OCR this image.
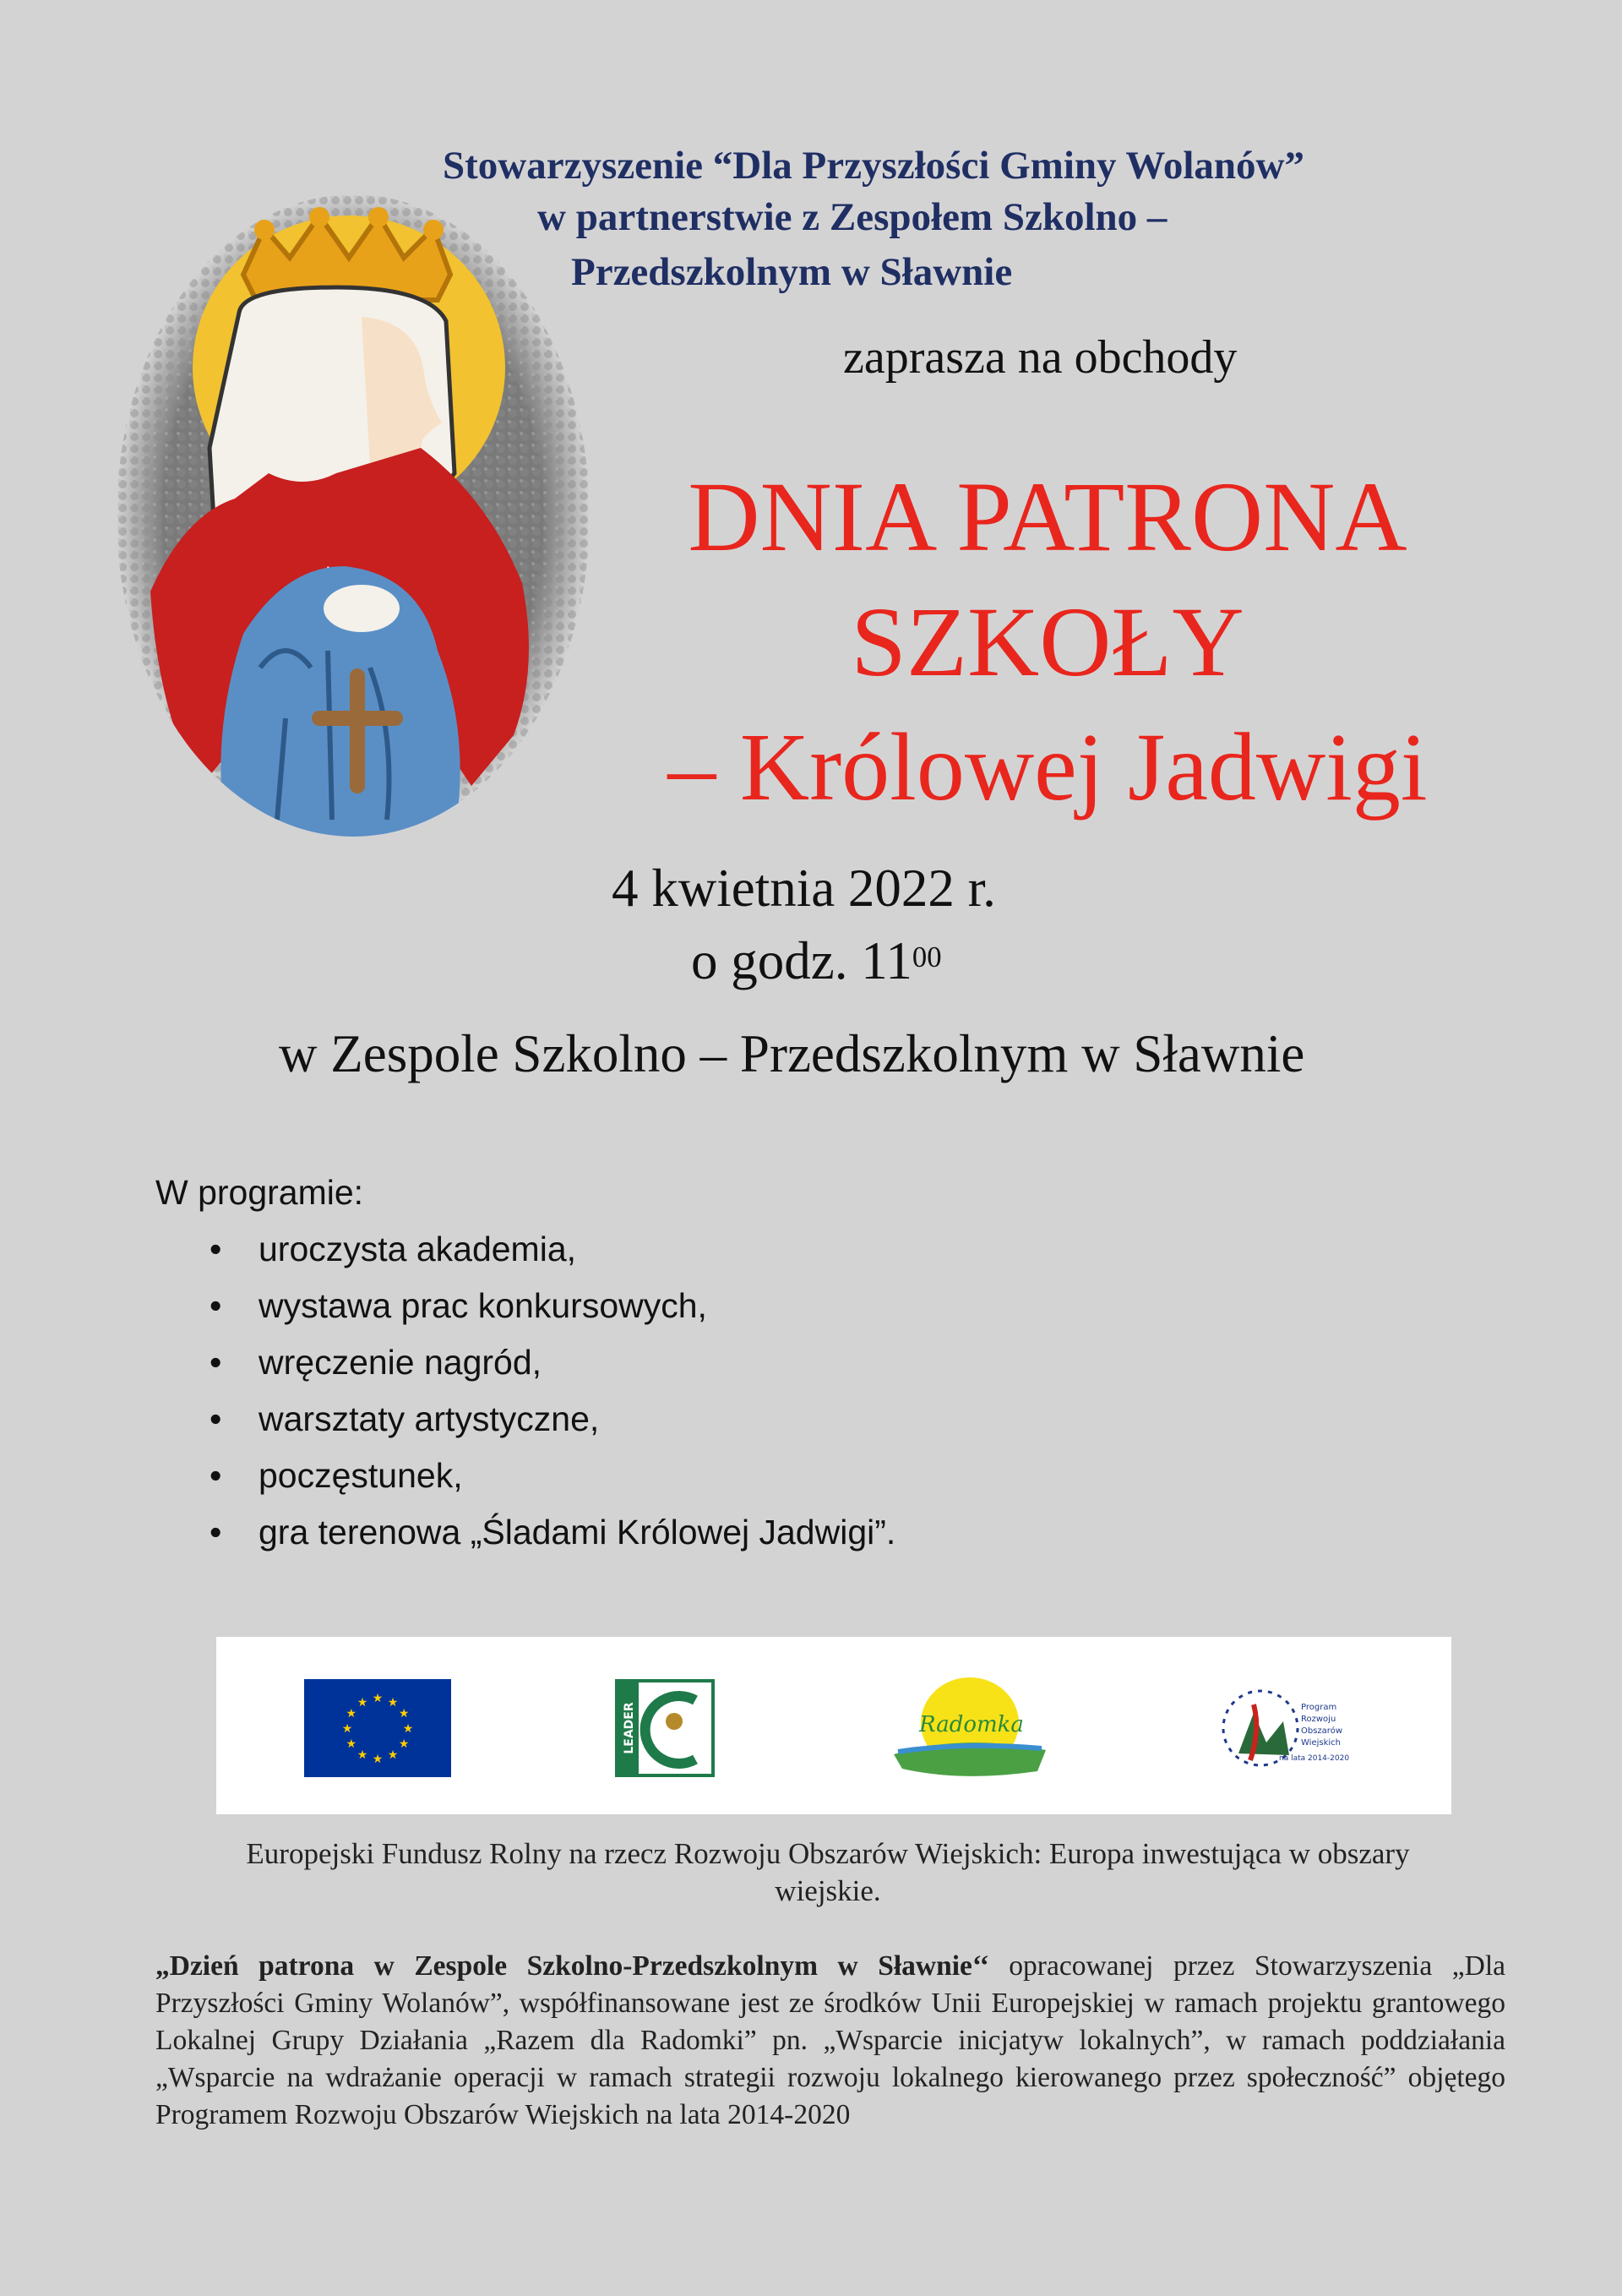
Stowarzyszenie “Dla Przyszłości Gminy Wolanów”
w partnerstwie z Zespołem Szkolno –
Przedszkolnym w Sławnie
zaprasza na obchody
DNIA PATRONA
SZKOŁY
– Królowej Jadwigi
4 kwietnia 2022 r.
o godz. $11^{00}$
w Zespole Szkolno – Przedszkolnym w Sławnie
W programie:
• uroczysta akademia,
• wystawa prac konkursowych,
• wręczenie nagród,
• warsztaty artystyczne,
• poczęstunek,
• gra terenowa „Śladami Królowej Jadwigi”.
★
★
★
★
★
★
★
★
★ ★ ★
★	LEADER	Radomka
Program
Rozwoju
Obszarów
Wiejskich
na lata 2014-2020
Europejski Fundusz Rolny na rzecz Rozwoju Obszarów Wiejskich: Europa inwestująca w obszary
wiejskie.
„Dzień patrona w Zespole Szkolno-Przedszkolnym w Sławnie‘‘ opracowanej przez Stowarzyszenia „Dla Przyszłości Gminy Wolanów”, współfinansowane jest ze środków Unii Europejskiej w ramach projektu grantowego Lokalnej Grupy Działania „Razem dla Radomki” pn. „Wsparcie inicjatyw lokalnych”, w ramach poddziałania „Wsparcie na wdrażanie operacji w ramach strategii rozwoju lokalnego kierowanego przez społeczność” objętego Programem Rozwoju Obszarów Wiejskich na lata 2014-2020
